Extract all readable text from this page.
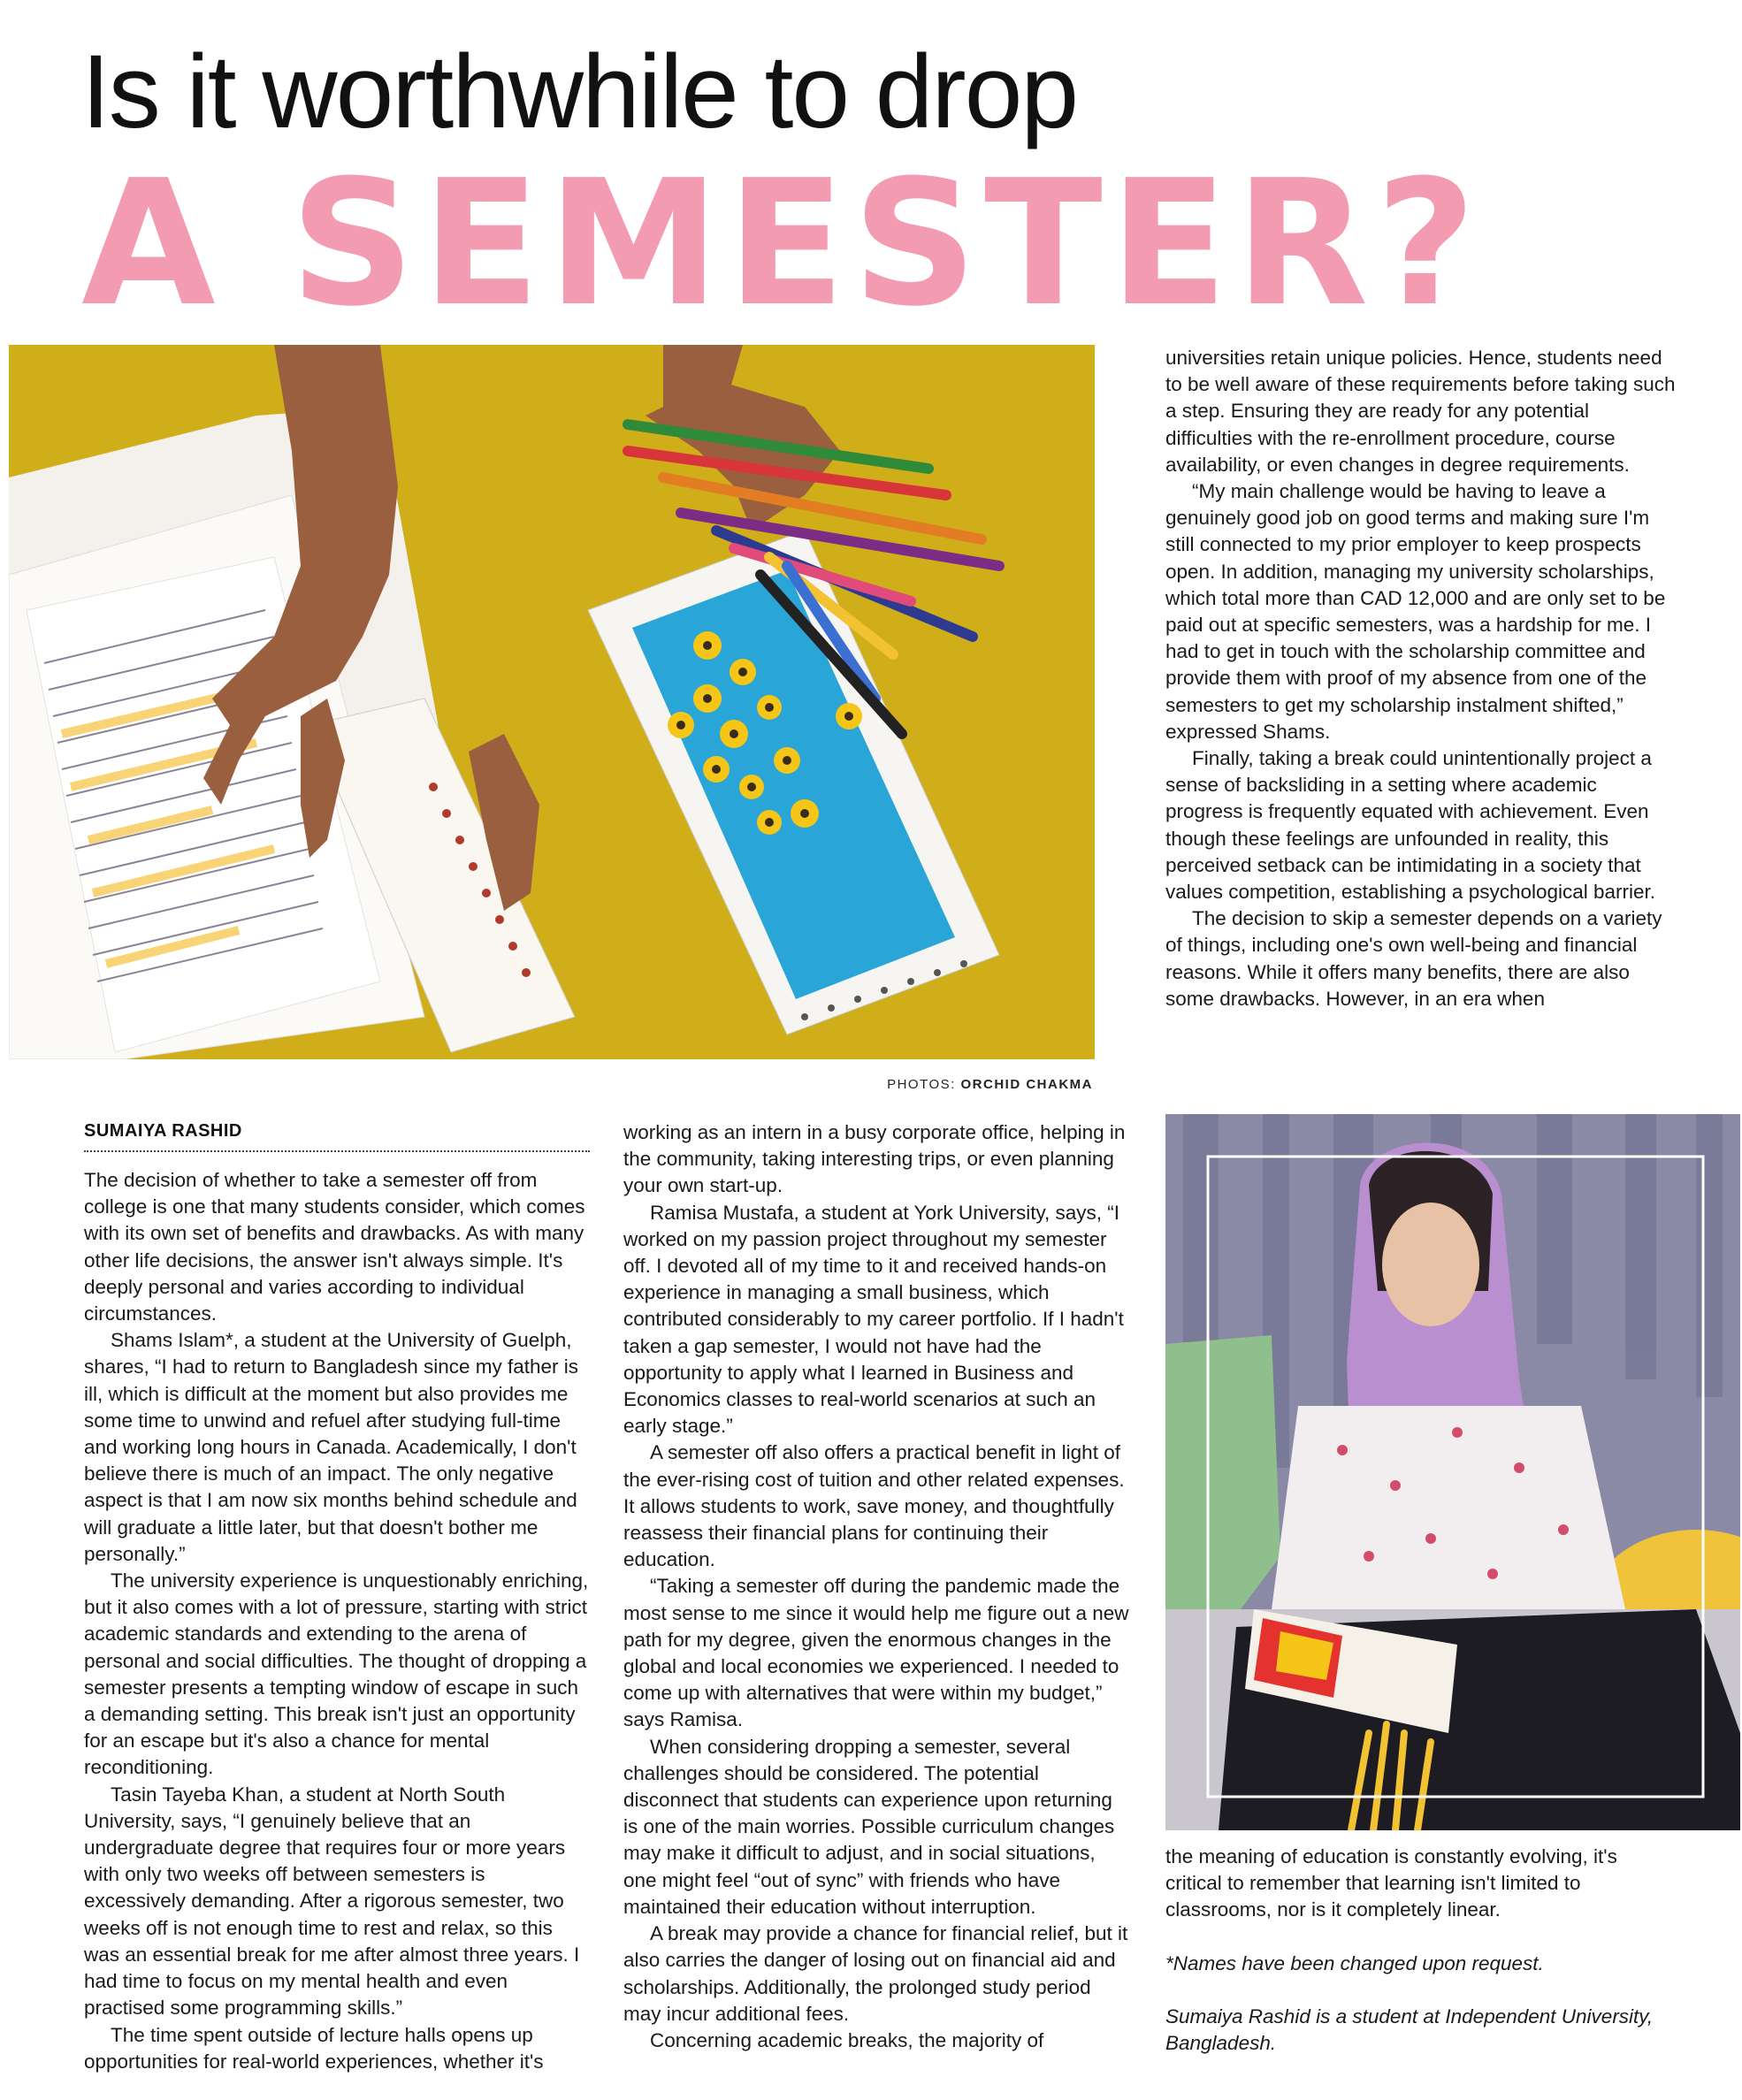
Is it worthwhile to drop
A SEMESTER?
PHOTOS: ORCHID CHAKMA

universities retain unique policies. Hence, students need to be well aware of these requirements before taking such a step. Ensuring they are ready for any potential difficulties with the re-enrollment procedure, course availability, or even changes in degree requirements.

“My main challenge would be having to leave a genuinely good job on good terms and making sure I'm still connected to my prior employer to keep prospects open. In addition, managing my university scholarships, which total more than CAD 12,000 and are only set to be paid out at specific semesters, was a hardship for me. I had to get in touch with the scholarship committee and provide them with proof of my absence from one of the semesters to get my scholarship instalment shifted,” expressed Shams.

Finally, taking a break could unintentionally project a sense of backsliding in a setting where academic progress is frequently equated with achievement. Even though these feelings are unfounded in reality, this perceived setback can be intimidating in a society that values competition, establishing a psychological barrier.

The decision to skip a semester depends on a variety of things, including one's own well-being and financial reasons. While it offers many benefits, there are also some drawbacks. However, in an era when

SUMAIYA RASHID

The decision of whether to take a semester off from college is one that many students consider, which comes with its own set of benefits and drawbacks. As with many other life decisions, the answer isn't always simple. It's deeply personal and varies according to individual circumstances.

Shams Islam*, a student at the University of Guelph, shares, “I had to return to Bangladesh since my father is ill, which is difficult at the moment but also provides me some time to unwind and refuel after studying full-time and working long hours in Canada. Academically, I don't believe there is much of an impact. The only negative aspect is that I am now six months behind schedule and will graduate a little later, but that doesn't bother me personally.”

The university experience is unquestionably enriching, but it also comes with a lot of pressure, starting with strict academic standards and extending to the arena of personal and social difficulties. The thought of dropping a semester presents a tempting window of escape in such a demanding setting. This break isn't just an opportunity for an escape but it's also a chance for mental reconditioning.

Tasin Tayeba Khan, a student at North South University, says, “I genuinely believe that an undergraduate degree that requires four or more years with only two weeks off between semesters is excessively demanding. After a rigorous semester, two weeks off is not enough time to rest and relax, so this was an essential break for me after almost three years. I had time to focus on my mental health and even practised some programming skills.”

The time spent outside of lecture halls opens up opportunities for real-world experiences, whether it's

working as an intern in a busy corporate office, helping in the community, taking interesting trips, or even planning your own start-up.

Ramisa Mustafa, a student at York University, says, “I worked on my passion project throughout my semester off. I devoted all of my time to it and received hands-on experience in managing a small business, which contributed considerably to my career portfolio. If I hadn't taken a gap semester, I would not have had the opportunity to apply what I learned in Business and Economics classes to real-world scenarios at such an early stage.”

A semester off also offers a practical benefit in light of the ever-rising cost of tuition and other related expenses. It allows students to work, save money, and thoughtfully reassess their financial plans for continuing their education.

“Taking a semester off during the pandemic made the most sense to me since it would help me figure out a new path for my degree, given the enormous changes in the global and local economies we experienced. I needed to come up with alternatives that were within my budget,” says Ramisa.

When considering dropping a semester, several challenges should be considered. The potential disconnect that students can experience upon returning is one of the main worries. Possible curriculum changes may make it difficult to adjust, and in social situations, one might feel “out of sync” with friends who have maintained their education without interruption.

A break may provide a chance for financial relief, but it also carries the danger of losing out on financial aid and scholarships. Additionally, the prolonged study period may incur additional fees.

Concerning academic breaks, the majority of

the meaning of education is constantly evolving, it's critical to remember that learning isn't limited to classrooms, nor is it completely linear.

*Names have been changed upon request.

Sumaiya Rashid is a student at Independent University, Bangladesh.
